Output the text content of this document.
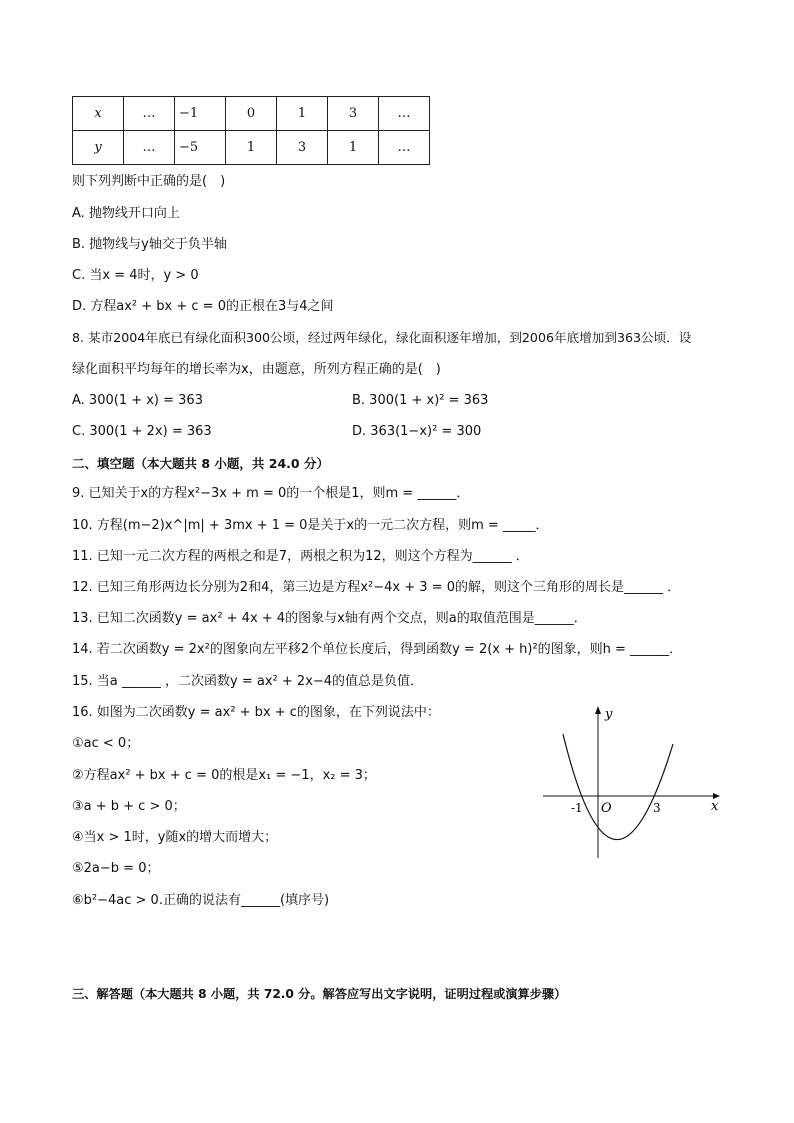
x	…	−1	0	1	3	…
y	…	−5	1	3	1	…
则下列判断中正确的是(　)
A. 抛物线开口向上
B. 抛物线与y轴交于负半轴
C. 当x = 4时，y > 0
D. 方程ax² + bx + c = 0的正根在3与4之间
8. 某市2004年底已有绿化面积300公顷，经过两年绿化，绿化面积逐年增加，到2006年底增加到363公顷．设
绿化面积平均每年的增长率为x，由题意，所列方程正确的是(　)
A. 300(1 + x) = 363	B. 300(1 + x)² = 363
C. 300(1 + 2x) = 363	D. 363(1−x)² = 300
二、填空题（本大题共 8 小题，共 24.0 分）
9. 已知关于x的方程x²−3x + m = 0的一个根是1，则m = ______．
10. 方程(m−2)x^|m| + 3mx + 1 = 0是关于x的一元二次方程，则m = _____．
11. 已知一元二次方程的两根之和是7，两根之积为12，则这个方程为______ ．
12. 已知三角形两边长分别为2和4，第三边是方程x²−4x + 3 = 0的解，则这个三角形的周长是______ ．
13. 已知二次函数y = ax² + 4x + 4的图象与x轴有两个交点，则a的取值范围是______．
14. 若二次函数y = 2x²的图象向左平移2个单位长度后，得到函数y = 2(x + h)²的图象，则h = ______．
15. 当a ______ ，二次函数y = ax² + 2x−4的值总是负值．
16. 如图为二次函数y = ax² + bx + c的图象，在下列说法中：
①ac < 0；
②方程ax² + bx + c = 0的根是x₁ = −1，x₂ = 3；
③a + b + c > 0；
④当x > 1时，y随x的增大而增大；
⑤2a−b = 0；
⑥b²−4ac > 0.正确的说法有______(填序号)
y
x
O
-1	3
三、解答题（本大题共 8 小题，共 72.0 分。解答应写出文字说明，证明过程或演算步骤）
